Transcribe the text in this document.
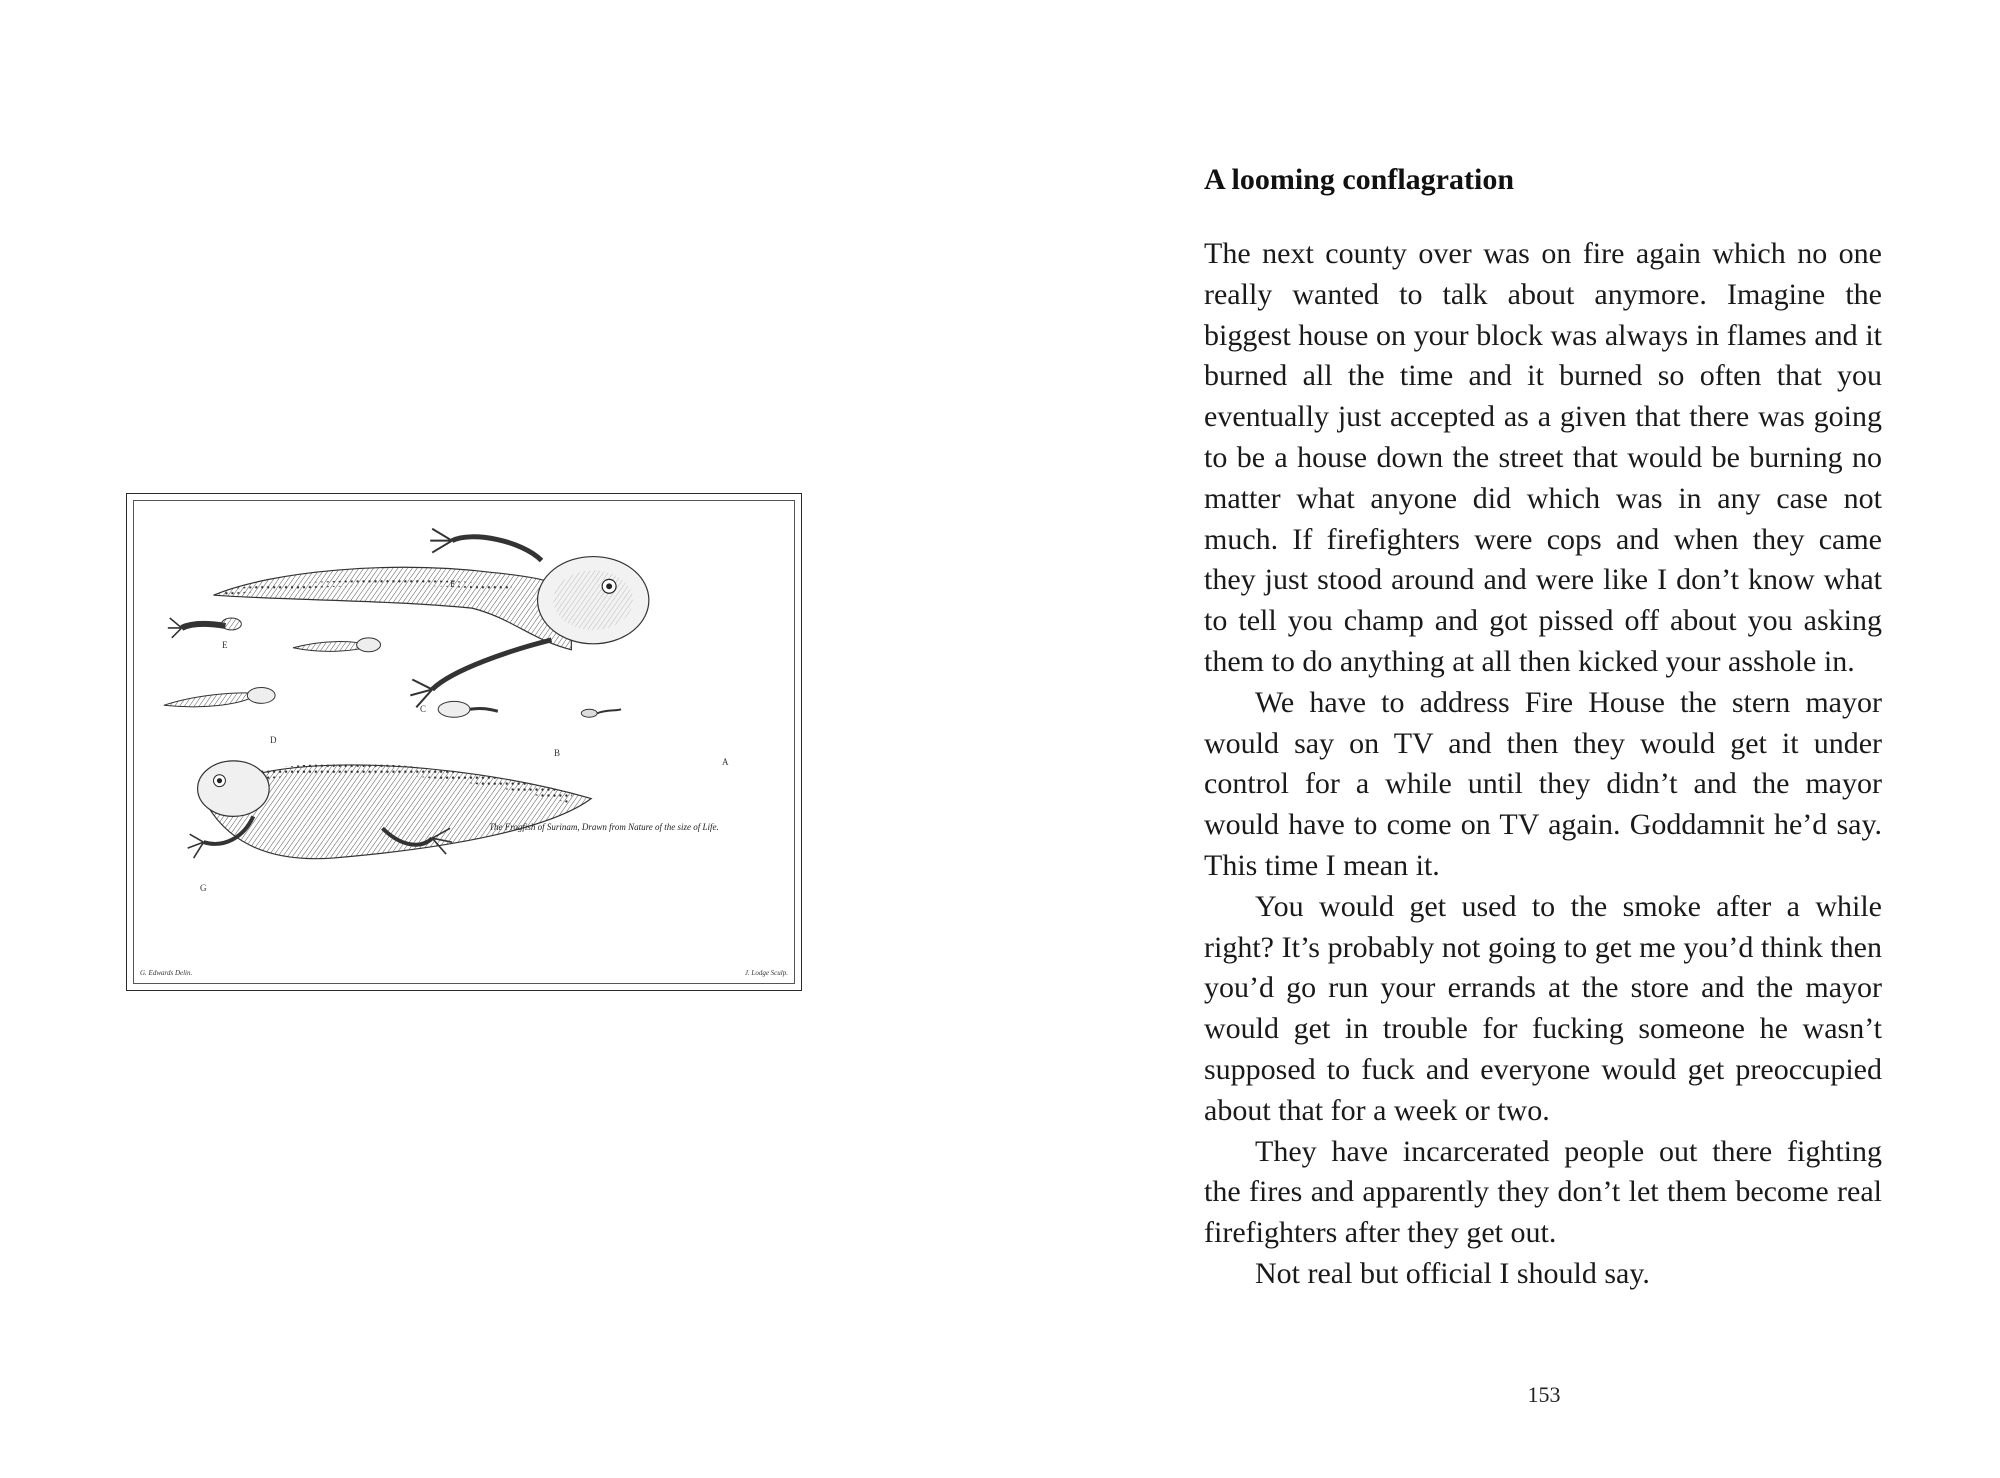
F
E
C
D
B
A
G
The Frogfish of Surinam, Drawn from Nature of the size of Life.
G. Edwards Delin.	J. Lodge Sculp.
A looming conflagration

The next county over was on fire again which no one really wanted to talk about anymore. Imagine the biggest house on your block was always in flames and it burned all the time and it burned so often that you eventually just accepted as a given that there was going to be a house down the street that would be burning no matter what anyone did which was in any case not much. If firefighters were cops and when they came they just stood around and were like I don’t know what to tell you champ and got pissed off about you asking them to do anything at all then kicked your asshole in.

We have to address Fire House the stern mayor would say on TV and then they would get it under control for a while until they didn’t and the mayor would have to come on TV again. Goddamnit he’d say. This time I mean it.

You would get used to the smoke after a while right? It’s probably not going to get me you’d think then you’d go run your errands at the store and the mayor would get in trouble for fucking someone he wasn’t supposed to fuck and everyone would get preoccupied about that for a week or two.

They have incarcerated people out there fighting the fires and apparently they don’t let them become real firefighters after they get out.

Not real but official I should say.

153
